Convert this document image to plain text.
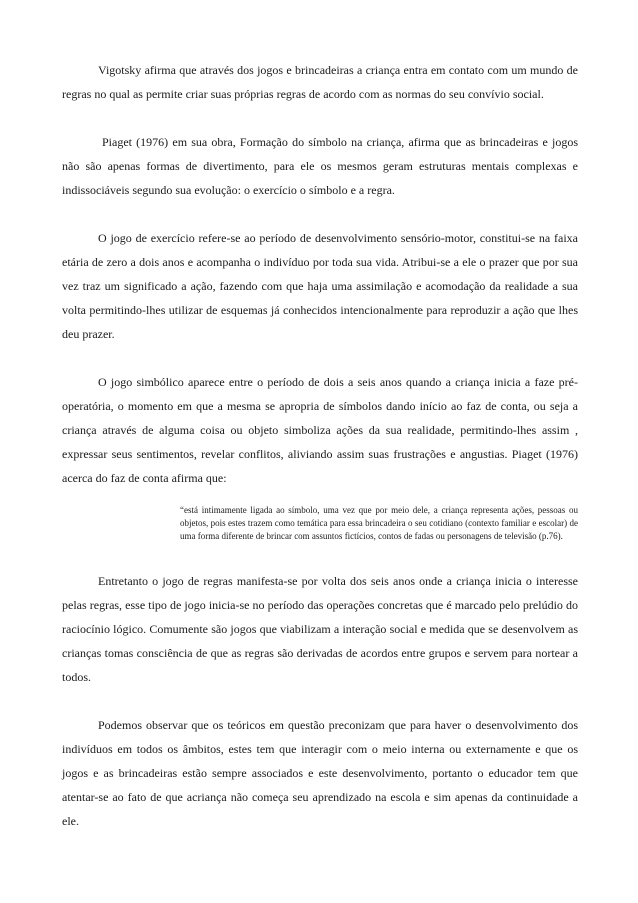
Vigotsky afirma que através dos jogos e brincadeiras a criança entra em contato com um mundo de regras no qual as permite criar suas próprias regras de acordo com as normas do seu convívio social.

Piaget (1976) em sua obra, Formação do símbolo na criança, afirma que as brincadeiras e jogos não são apenas formas de divertimento, para ele os mesmos geram estruturas mentais complexas e indissociáveis segundo sua evolução: o exercício o símbolo e a regra.

O jogo de exercício refere-se ao período de desenvolvimento sensório-motor, constitui-se na faixa etária de zero a dois anos e acompanha o indivíduo por toda sua vida. Atribui-se a ele o prazer que por sua vez traz um significado a ação, fazendo com que haja uma assimilação e acomodação da realidade a sua volta permitindo-lhes utilizar de esquemas já conhecidos intencionalmente para reproduzir a ação que lhes deu prazer.

O jogo simbólico aparece entre o período de dois a seis anos quando a criança inicia a faze pré-operatória, o momento em que a mesma se apropria de símbolos dando início ao faz de conta, ou seja a criança através de alguma coisa ou objeto simboliza ações da sua realidade, permitindo-lhes assim , expressar seus sentimentos, revelar conflitos, aliviando assim suas frustrações e angustias. Piaget (1976) acerca do faz de conta afirma que:

“está intimamente ligada ao símbolo, uma vez que por meio dele, a criança representa ações, pessoas ou objetos, pois estes trazem como temática para essa brincadeira o seu cotidiano (contexto familiar e escolar) de uma forma diferente de brincar com assuntos fictícios, contos de fadas ou personagens de televisão (p.76).

Entretanto o jogo de regras manifesta-se por volta dos seis anos onde a criança inicia o interesse pelas regras, esse tipo de jogo inicia-se no período das operações concretas que é marcado pelo prelúdio do raciocínio lógico. Comumente são jogos que viabilizam a interação social e medida que se desenvolvem as crianças tomas consciência de que as regras são derivadas de acordos entre grupos e servem para nortear a todos.

Podemos observar que os teóricos em questão preconizam que para haver o desenvolvimento dos indivíduos em todos os âmbitos, estes tem que interagir com o meio interna ou externamente e que os jogos e as brincadeiras estão sempre associados e este desenvolvimento, portanto o educador tem que atentar-se ao fato de que acriança não começa seu aprendizado na escola e sim apenas da continuidade a ele.
